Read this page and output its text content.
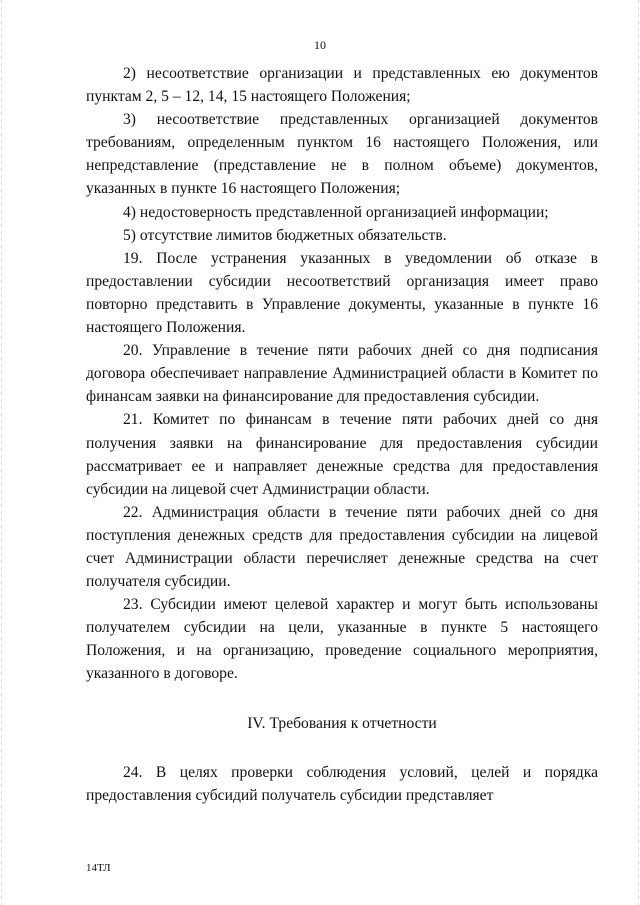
10

2) несоответствие организации и представленных ею документов пунктам 2, 5 – 12, 14, 15 настоящего Положения;

3) несоответствие представленных организацией документов требованиям, определенным пунктом 16 настоящего Положения, или непредставление (представление не в полном объеме) документов, указанных в пункте 16 настоящего Положения;

4) недостоверность представленной организацией информации;

5) отсутствие лимитов бюджетных обязательств.

19. После устранения указанных в уведомлении об отказе в предоставлении субсидии несоответствий организация имеет право повторно представить в Управление документы, указанные в пункте 16 настоящего Положения.

20. Управление в течение пяти рабочих дней со дня подписания договора обеспечивает направление Администрацией области в Комитет по финансам заявки на финансирование для предоставления субсидии.

21. Комитет по финансам в течение пяти рабочих дней со дня получения заявки на финансирование для предоставления субсидии рассматривает ее и направляет денежные средства для предоставления субсидии на лицевой счет Администрации области.

22. Администрация области в течение пяти рабочих дней со дня поступления денежных средств для предоставления субсидии на лицевой счет Администрации области перечисляет денежные средства на счет получателя субсидии.

23. Субсидии имеют целевой характер и могут быть использованы получателем субсидии на цели, указанные в пункте 5 настоящего Положения, и на организацию, проведение социального мероприятия, указанного в договоре.

IV. Требования к отчетности

24. В целях проверки соблюдения условий, целей и порядка предоставления субсидий получатель субсидии представляет

14ТЛ
